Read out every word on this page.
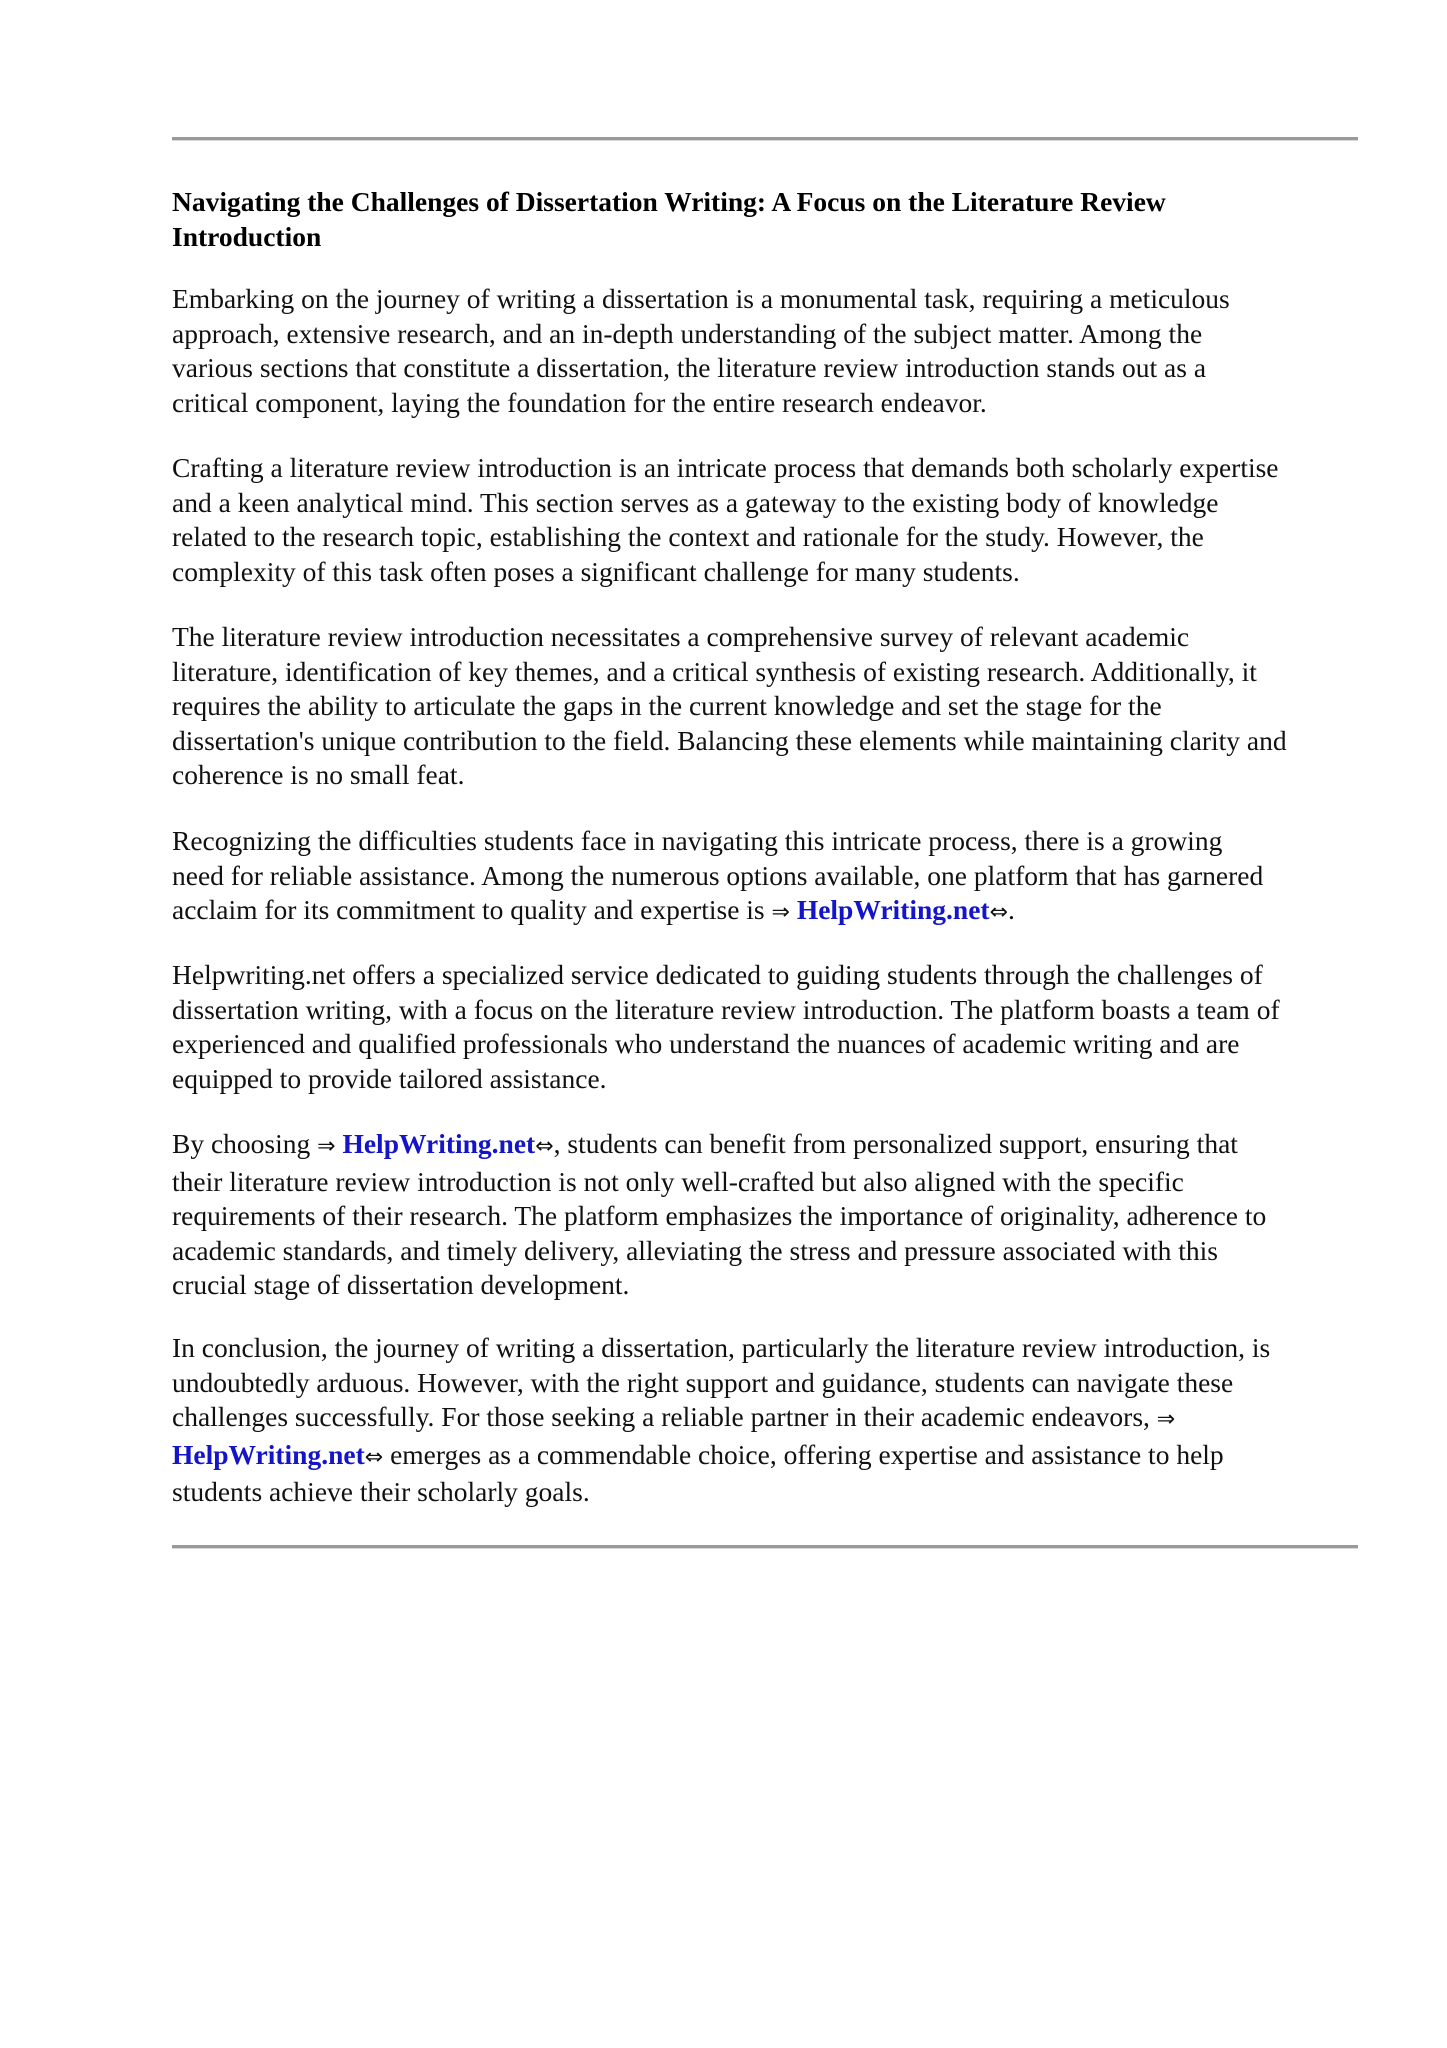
Navigating the Challenges of Dissertation Writing: A Focus on the Literature Review
Introduction

Embarking on the journey of writing a dissertation is a monumental task, requiring a meticulous
approach, extensive research, and an in-depth understanding of the subject matter. Among the
various sections that constitute a dissertation, the literature review introduction stands out as a
critical component, laying the foundation for the entire research endeavor.

Crafting a literature review introduction is an intricate process that demands both scholarly expertise
and a keen analytical mind. This section serves as a gateway to the existing body of knowledge
related to the research topic, establishing the context and rationale for the study. However, the
complexity of this task often poses a significant challenge for many students.

The literature review introduction necessitates a comprehensive survey of relevant academic
literature, identification of key themes, and a critical synthesis of existing research. Additionally, it
requires the ability to articulate the gaps in the current knowledge and set the stage for the
dissertation's unique contribution to the field. Balancing these elements while maintaining clarity and
coherence is no small feat.

Recognizing the difficulties students face in navigating this intricate process, there is a growing
need for reliable assistance. Among the numerous options available, one platform that has garnered
acclaim for its commitment to quality and expertise is ⇒ HelpWriting.net⇔.

Helpwriting.net offers a specialized service dedicated to guiding students through the challenges of
dissertation writing, with a focus on the literature review introduction. The platform boasts a team of
experienced and qualified professionals who understand the nuances of academic writing and are
equipped to provide tailored assistance.

By choosing ⇒ HelpWriting.net⇔, students can benefit from personalized support, ensuring that
their literature review introduction is not only well-crafted but also aligned with the specific
requirements of their research. The platform emphasizes the importance of originality, adherence to
academic standards, and timely delivery, alleviating the stress and pressure associated with this
crucial stage of dissertation development.

In conclusion, the journey of writing a dissertation, particularly the literature review introduction, is
undoubtedly arduous. However, with the right support and guidance, students can navigate these
challenges successfully. For those seeking a reliable partner in their academic endeavors, ⇒
HelpWriting.net⇔ emerges as a commendable choice, offering expertise and assistance to help
students achieve their scholarly goals.
